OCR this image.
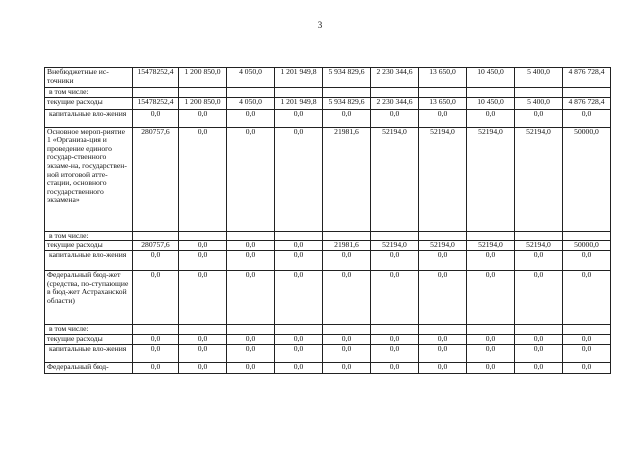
3
Внебюджетные ис-точники	15478252,4	1 200 850,0	4 050,0	1 201 949,8	5 934 829,6	2 230 344,6	13 650,0	10 450,0	5 400,0	4 876 728,4
в том числе:										
текущие расходы	15478252,4	1 200 850,0	4 050,0	1 201 949,8	5 934 829,6	2 230 344,6	13 650,0	10 450,0	5 400,0	4 876 728,4
капитальные вло-жения	0,0	0,0	0,0	0,0	0,0	0,0	0,0	0,0	0,0	0,0
Основное мероп-риятие 1 «Организа-ция и проведение единого государ-ственного экзаме-на, государствен-ной итоговой атте-стации, основного государственного экзамена»	280757,6	0,0	0,0	0,0	21981,6	52194,0	52194,0	52194,0	52194,0	50000,0
в том числе:										
текущие расходы	280757,6	0,0	0,0	0,0	21981,6	52194,0	52194,0	52194,0	52194,0	50000,0
капитальные вло-жения	0,0	0,0	0,0	0,0	0,0	0,0	0,0	0,0	0,0	0,0
Федеральный бюд-жет (средства, по-ступающие в бюд-жет Астраханской области)	0,0	0,0	0,0	0,0	0,0	0,0	0,0	0,0	0,0	0,0
в том числе:										
текущие расходы	0,0	0,0	0,0	0,0	0,0	0,0	0,0	0,0	0,0	0,0
капитальные вло-жения	0,0	0,0	0,0	0,0	0,0	0,0	0,0	0,0	0,0	0,0
Федеральный бюд-	0,0	0,0	0,0	0,0	0,0	0,0	0,0	0,0	0,0	0,0
